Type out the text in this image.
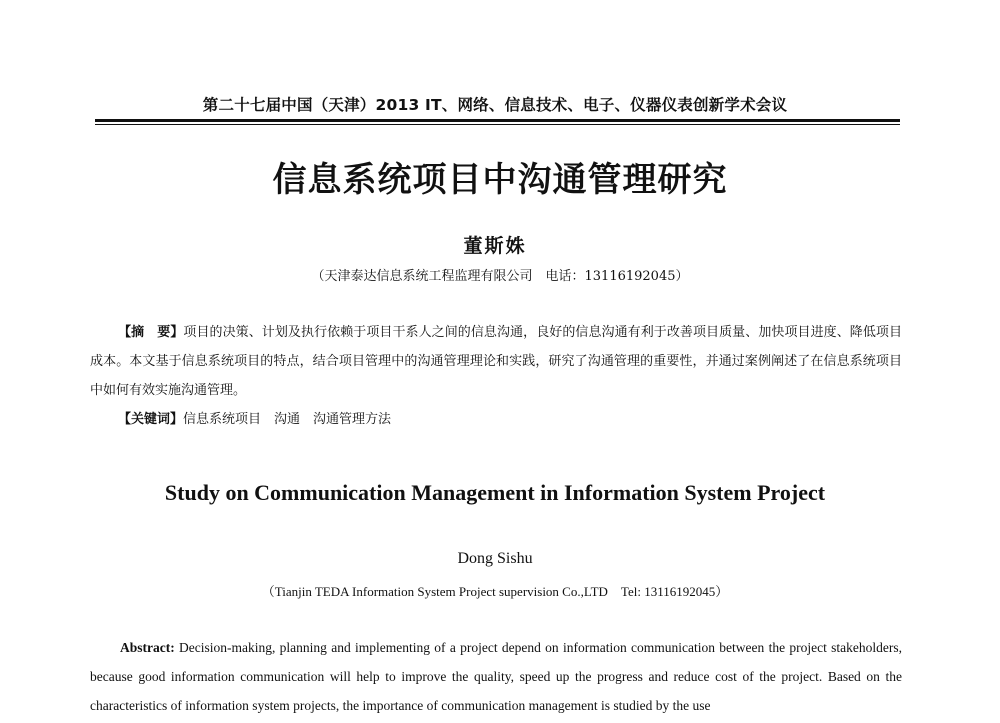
第二十七届中国（天津）2013 IT、网络、信息技术、电子、仪器仪表创新学术会议
信息系统项目中沟通管理研究
董斯姝
（天津泰达信息系统工程监理有限公司　电话：13116192045）
【摘　要】项目的决策、计划及执行依赖于项目干系人之间的信息沟通，良好的信息沟通有利于改善项目质量、加快项目进度、降低项目成本。本文基于信息系统项目的特点，结合项目管理中的沟通管理理论和实践，研究了沟通管理的重要性，并通过案例阐述了在信息系统项目中如何有效实施沟通管理。
【关键词】信息系统项目　沟通　沟通管理方法
Study on Communication Management in Information System Project
Dong Sishu
（Tianjin TEDA Information System Project supervision Co.,LTD　Tel: 13116192045）
Abstract: Decision-making, planning and implementing of a project depend on information communication between the project stakeholders, because good information communication will help to improve the quality, speed up the progress and reduce cost of the project. Based on the characteristics of information system projects, the importance of communication management is studied by the use
